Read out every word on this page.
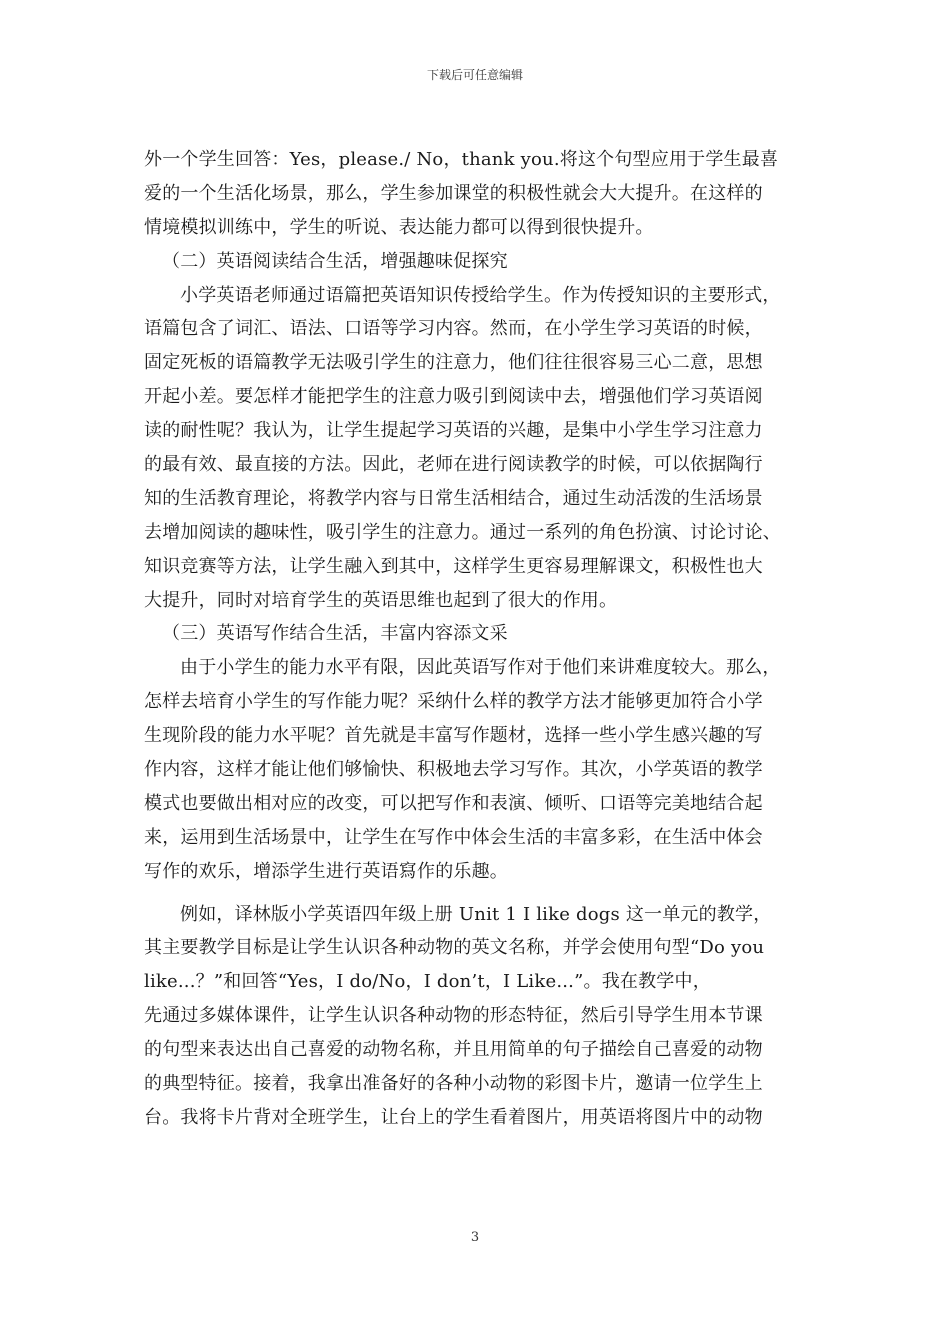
下载后可任意编辑
外一个学生回答：Yes，please./ No，thank you.将这个句型应用于学生最喜
爱的一个生活化场景，那么，学生参加课堂的积极性就会大大提升。在这样的
情境模拟训练中，学生的听说、表达能力都可以得到很快提升。
（二）英语阅读结合生活，增强趣味促探究
小学英语老师通过语篇把英语知识传授给学生。作为传授知识的主要形式，
语篇包含了词汇、语法、口语等学习内容。然而，在小学生学习英语的时候，
固定死板的语篇教学无法吸引学生的注意力，他们往往很容易三心二意，思想
开起小差。要怎样才能把学生的注意力吸引到阅读中去，增强他们学习英语阅
读的耐性呢？我认为，让学生提起学习英语的兴趣，是集中小学生学习注意力
的最有效、最直接的方法。因此，老师在进行阅读教学的时候，可以依据陶行
知的生活教育理论，将教学内容与日常生活相结合，通过生动活泼的生活场景
去增加阅读的趣味性，吸引学生的注意力。通过一系列的角色扮演、讨论讨论、
知识竞赛等方法，让学生融入到其中，这样学生更容易理解课文，积极性也大
大提升，同时对培育学生的英语思维也起到了很大的作用。
（三）英语写作结合生活，丰富内容添文采
由于小学生的能力水平有限，因此英语写作对于他们来讲难度较大。那么，
怎样去培育小学生的写作能力呢？采纳什么样的教学方法才能够更加符合小学
生现阶段的能力水平呢？首先就是丰富写作题材，选择一些小学生感兴趣的写
作内容，这样才能让他们够愉快、积极地去学习写作。其次，小学英语的教学
模式也要做出相对应的改变，可以把写作和表演、倾听、口语等完美地结合起
来，运用到生活场景中，让学生在写作中体会生活的丰富多彩，在生活中体会
写作的欢乐，增添学生进行英语寫作的乐趣。
例如，译林版小学英语四年级上册 Unit 1 I like dogs 这一单元的教学，
其主要教学目标是让学生认识各种动物的英文名称，并学会使用句型“Do you
like...？”和回答“Yes，I do/No，I don’t，I Like...”。我在教学中，
先通过多媒体课件，让学生认识各种动物的形态特征，然后引导学生用本节课
的句型来表达出自己喜爱的动物名称，并且用简单的句子描绘自己喜爱的动物
的典型特征。接着，我拿出准备好的各种小动物的彩图卡片，邀请一位学生上
台。我将卡片背对全班学生，让台上的学生看着图片，用英语将图片中的动物
3
